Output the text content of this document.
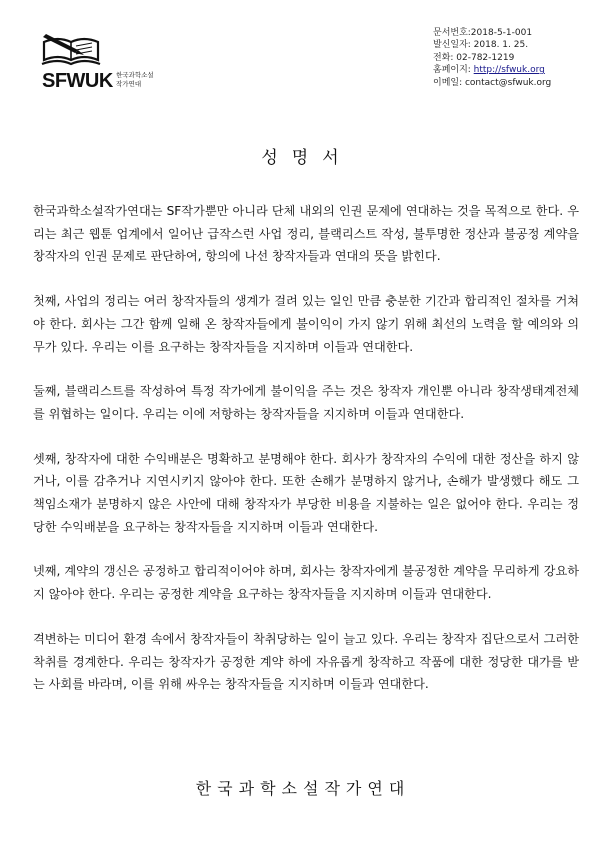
SFWUK 한국과학소설
작가연대
문서번호:2018-5-1-001
발신일자: 2018. 1. 25.
전화: 02-782-1219
홈페이지: http://sfwuk.org
이메일: contact@sfwuk.org
성명서

한국과학소설작가연대는 SF작가뿐만 아니라 단체 내외의 인권 문제에 연대하는 것을 목적으로 한다. 우리는 최근 웹툰 업계에서 일어난 급작스런 사업 정리, 블랙리스트 작성, 불투명한 정산과 불공정 계약을 창작자의 인권 문제로 판단하여, 항의에 나선 창작자들과 연대의 뜻을 밝힌다.

첫째, 사업의 정리는 여러 창작자들의 생계가 걸려 있는 일인 만큼 충분한 기간과 합리적인 절차를 거쳐야 한다. 회사는 그간 함께 일해 온 창작자들에게 불이익이 가지 않기 위해 최선의 노력을 할 예의와 의무가 있다. 우리는 이를 요구하는 창작자들을 지지하며 이들과 연대한다.

둘째, 블랙리스트를 작성하여 특정 작가에게 불이익을 주는 것은 창작자 개인뿐 아니라 창작생태계전체를 위협하는 일이다. 우리는 이에 저항하는 창작자들을 지지하며 이들과 연대한다.

셋째, 창작자에 대한 수익배분은 명확하고 분명해야 한다. 회사가 창작자의 수익에 대한 정산을 하지 않거나, 이를 감추거나 지연시키지 않아야 한다. 또한 손해가 분명하지 않거나, 손해가 발생했다 해도 그 책임소재가 분명하지 않은 사안에 대해 창작자가 부당한 비용을 지불하는 일은 없어야 한다. 우리는 정당한 수익배분을 요구하는 창작자들을 지지하며 이들과 연대한다.

넷째, 계약의 갱신은 공정하고 합리적이어야 하며, 회사는 창작자에게 불공정한 계약을 무리하게 강요하지 않아야 한다. 우리는 공정한 계약을 요구하는 창작자들을 지지하며 이들과 연대한다.

격변하는 미디어 환경 속에서 창작자들이 착취당하는 일이 늘고 있다. 우리는 창작자 집단으로서 그러한 착취를 경계한다. 우리는 창작자가 공정한 계약 하에 자유롭게 창작하고 작품에 대한 정당한 대가를 받는 사회를 바라며, 이를 위해 싸우는 창작자들을 지지하며 이들과 연대한다.

한국과학소설작가연대
